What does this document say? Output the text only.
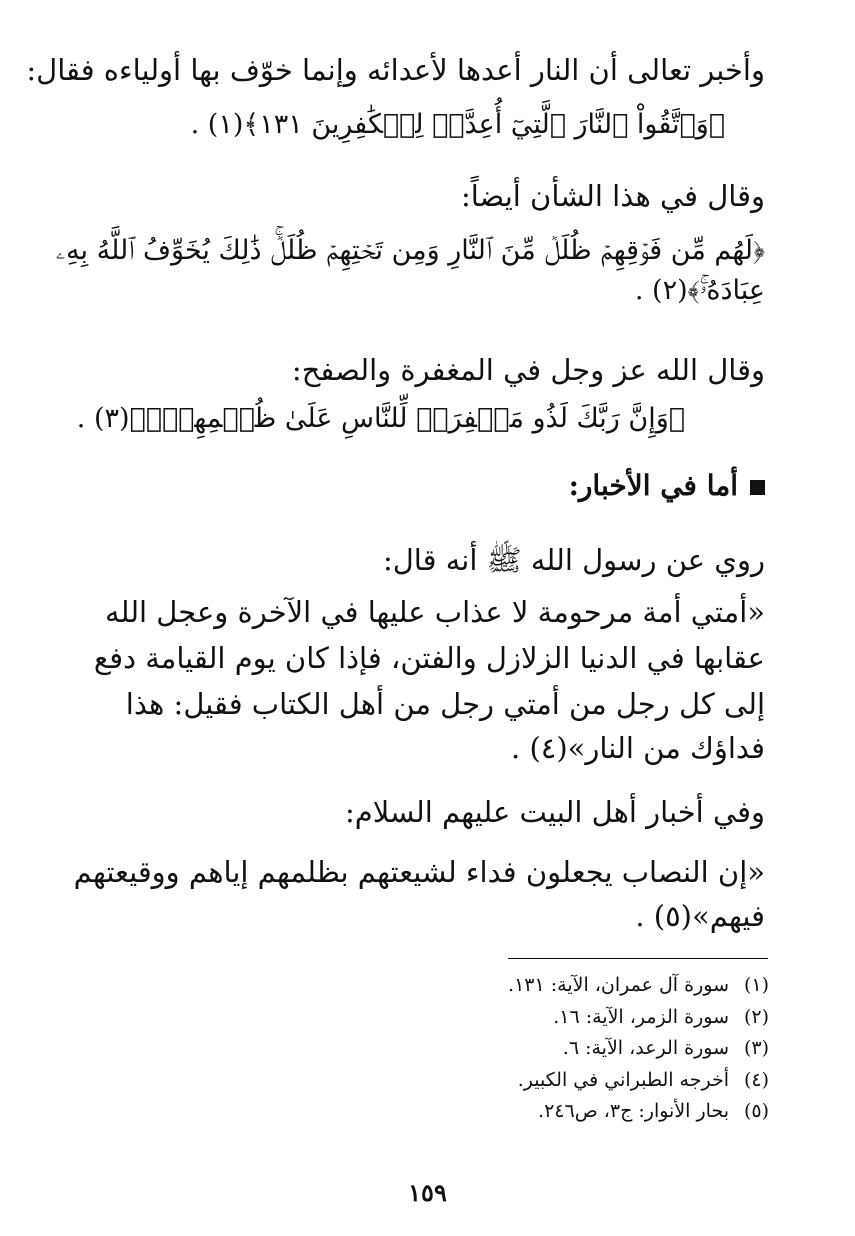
وأخبر تعالى أن النار أعدها لأعدائه وإنما خوّف بها أولياءه فقال:

﴿وَٱتَّقُواْ ٱلنَّارَ ٱلَّتِيٓ أُعِدَّتۡ لِلۡكَٰفِرِينَ ١٣١﴾(١) .

وقال في هذا الشأن أيضاً:

﴿لَهُم مِّن فَوۡقِهِمۡ ظُلَلٞ مِّنَ ٱلنَّارِ وَمِن تَحۡتِهِمۡ ظُلَلٞۚ ذَٰلِكَ يُخَوِّفُ ٱللَّهُ بِهِۦ

عِبَادَهُۥۚ﴾(٢) .

وقال الله عز وجل في المغفرة والصفح:

﴿وَإِنَّ رَبَّكَ لَذُو مَغۡفِرَةٖ لِّلنَّاسِ عَلَىٰ ظُلۡمِهِمۡۖ﴾(٣) .

أما في الأخبار:

روي عن رسول الله ﷺ أنه قال:

«أمتي أمة مرحومة لا عذاب عليها في الآخرة وعجل الله

عقابها في الدنيا الزلازل والفتن، فإذا كان يوم القيامة دفع

إلى كل رجل من أمتي رجل من أهل الكتاب فقيل: هذا

فداؤك من النار»(٤) .

وفي أخبار أهل البيت عليهم السلام:

«إن النصاب يجعلون فداء لشيعتهم بظلمهم إياهم ووقيعتهم

فيهم»(٥) .

(١)سورة آل عمران، الآية: ١٣١.
(٢)سورة الزمر، الآية: ١٦.
(٣)سورة الرعد، الآية: ٦.
(٤)أخرجه الطبراني في الكبير.
(٥)بحار الأنوار: ج٣، ص٢٤٦.
١٥٩
